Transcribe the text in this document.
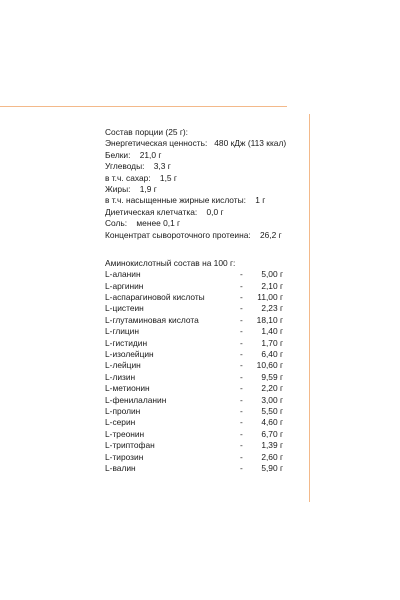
Состав порции (25 г):
Энергетическая ценность:   480 кДж (113 ккал)
Белки:    21,0 г
Углеводы:    3,3 г
в т.ч. сахар:    1,5 г
Жиры:    1,9 г
в т.ч. насыщенные жирные кислоты:    1 г
Диетическая клетчатка:    0,0 г
Соль:    менее 0,1 г
Концентрат сывороточного протеина:    26,2 г
Аминокислотный состав на 100 г:
L-аланин	- 5,00 г
L-аргинин	- 2,10 г
L-аспарагиновой кислоты	- 11,00 г
L-цистеин	- 2,23 г
L-глутаминовая кислота	- 18,10 г
L-глицин	- 1,40 г
L-гистидин	- 1,70 г
L-изолейцин	- 6,40 г
L-лейцин	- 10,60 г
L-лизин	- 9,59 г
L-метионин	- 2,20 г
L-фенилаланин	- 3,00 г
L-пролин	- 5,50 г
L-серин	- 4,60 г
L-треонин	- 6,70 г
L-триптофан	- 1,39 г
L-тирозин	- 2,60 г
L-валин	- 5,90 г
